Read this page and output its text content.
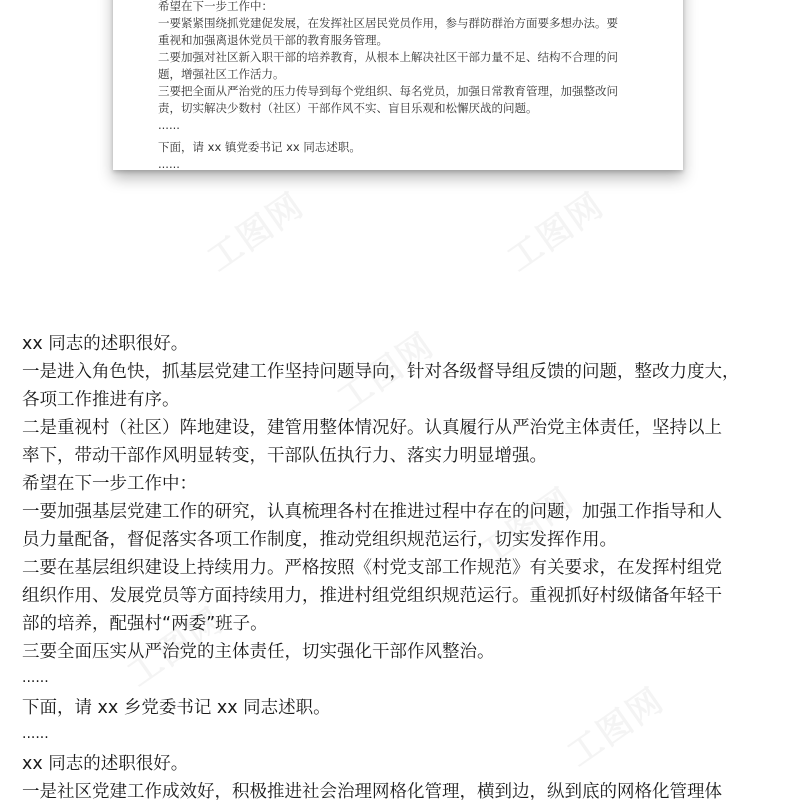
希望在下一步工作中：
一要紧紧围绕抓党建促发展，在发挥社区居民党员作用，参与群防群治方面要多想办法。要
重视和加强离退休党员干部的教育服务管理。
二要加强对社区新入职干部的培养教育，从根本上解决社区干部力量不足、结构不合理的问
题，增强社区工作活力。
三要把全面从严治党的压力传导到每个党组织、每名党员，加强日常教育管理，加强整改问
责，切实解决少数村（社区）干部作风不实、盲目乐观和松懈厌战的问题。
......
下面，请 xx 镇党委书记 xx 同志述职。
......
xx 同志的述职很好。
一是进入角色快，抓基层党建工作坚持问题导向，针对各级督导组反馈的问题，整改力度大，
各项工作推进有序。
二是重视村（社区）阵地建设，建管用整体情况好。认真履行从严治党主体责任，坚持以上
率下，带动干部作风明显转变，干部队伍执行力、落实力明显增强。
希望在下一步工作中：
一要加强基层党建工作的研究，认真梳理各村在推进过程中存在的问题，加强工作指导和人
员力量配备，督促落实各项工作制度，推动党组织规范运行，切实发挥作用。
二要在基层组织建设上持续用力。严格按照《村党支部工作规范》有关要求，在发挥村组党
组织作用、发展党员等方面持续用力，推进村组党组织规范运行。重视抓好村级储备年轻干
部的培养，配强村“两委”班子。
三要全面压实从严治党的主体责任，切实强化干部作风整治。
......
下面，请 xx 乡党委书记 xx 同志述职。
......
xx 同志的述职很好。
一是社区党建工作成效好，积极推进社会治理网格化管理，横到边，纵到底的网格化管理体
